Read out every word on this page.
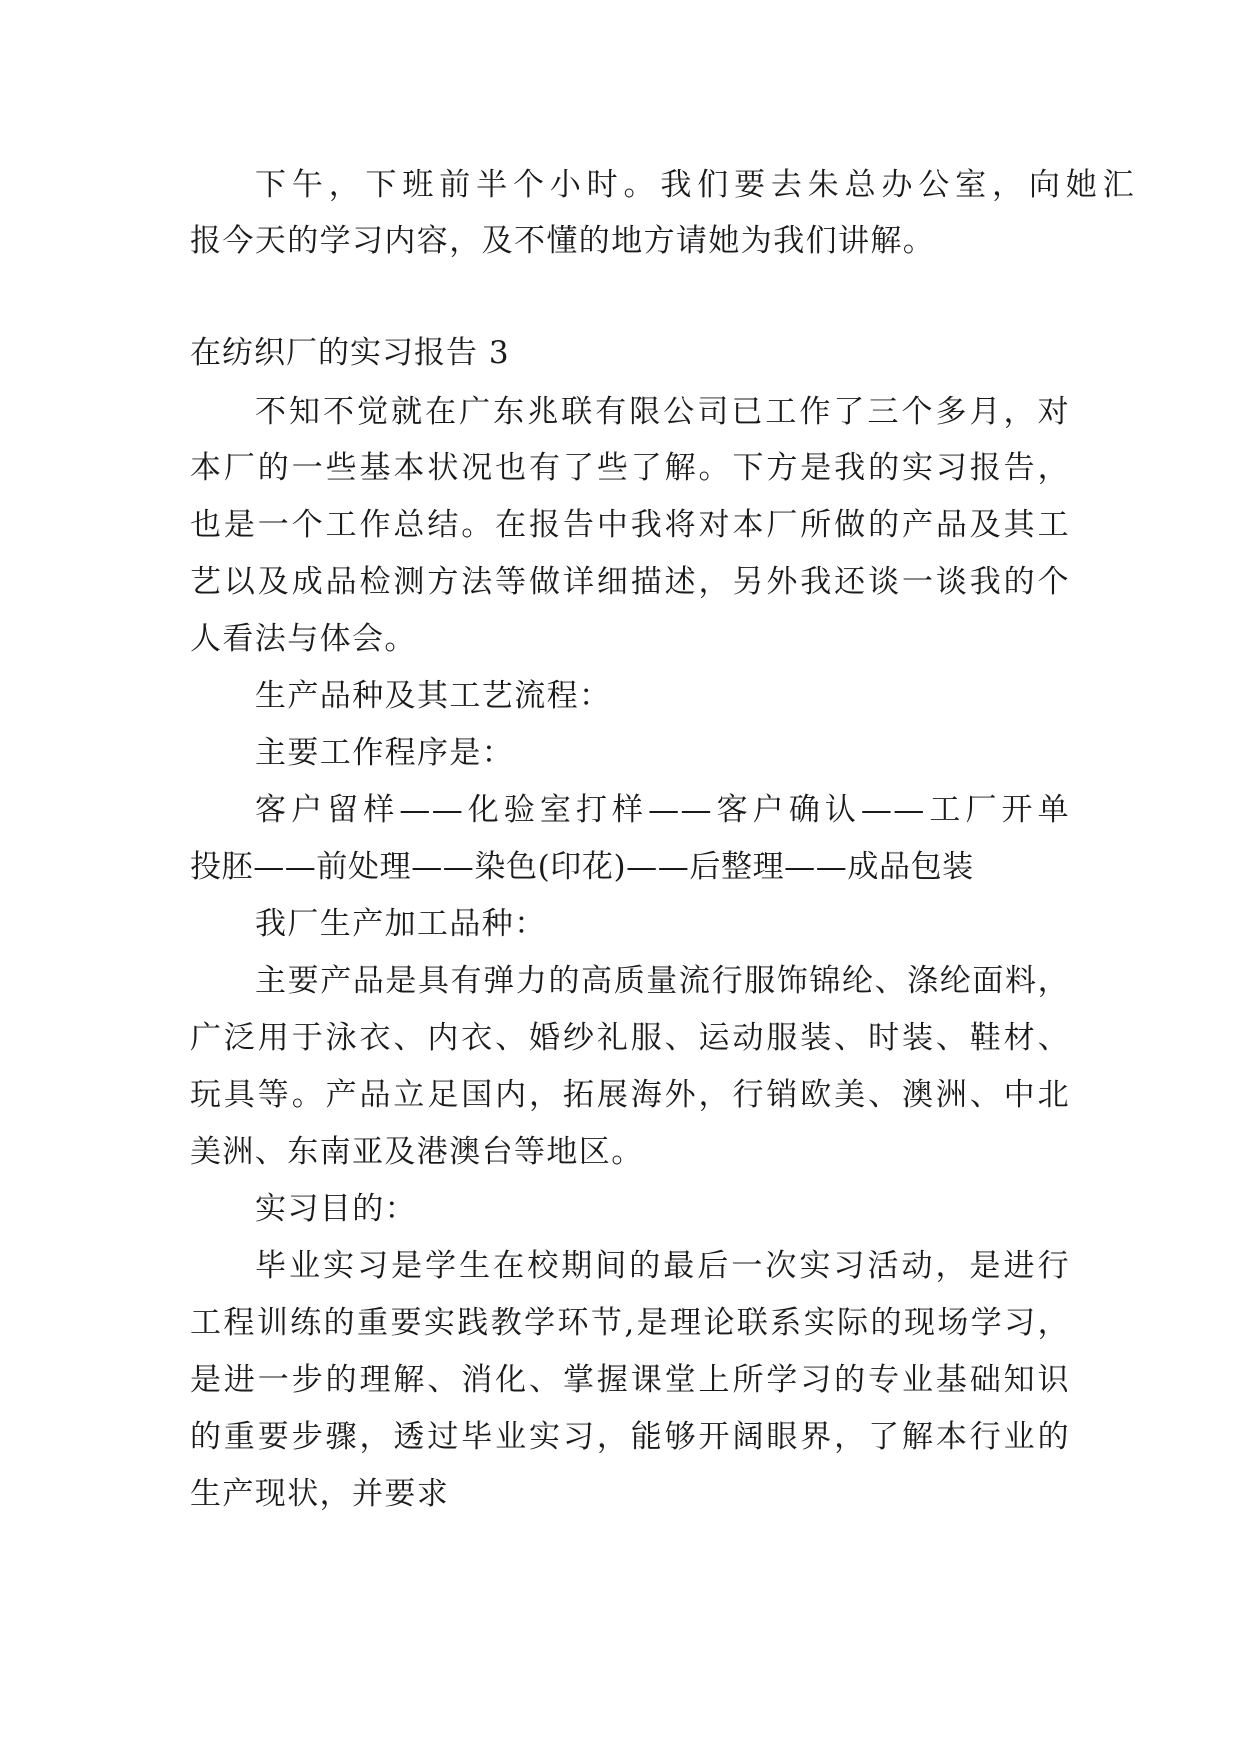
下午，下班前半个小时。我们要去朱总办公室，向她汇
报今天的学习内容，及不懂的地方请她为我们讲解。
在纺织厂的实习报告 3
不知不觉就在广东兆联有限公司已工作了三个多月，对
本厂的一些基本状况也有了些了解。下方是我的实习报告，
也是一个工作总结。在报告中我将对本厂所做的产品及其工
艺以及成品检测方法等做详细描述，另外我还谈一谈我的个
人看法与体会。
生产品种及其工艺流程：
主要工作程序是：
客户留样——化验室打样——客户确认——工厂开单
投胚——前处理——染色(印花)——后整理——成品包装
我厂生产加工品种：
主要产品是具有弹力的高质量流行服饰锦纶、涤纶面料，
广泛用于泳衣、内衣、婚纱礼服、运动服装、时装、鞋材、
玩具等。产品立足国内，拓展海外，行销欧美、澳洲、中北
美洲、东南亚及港澳台等地区。
实习目的：
毕业实习是学生在校期间的最后一次实习活动，是进行
工程训练的重要实践教学环节,是理论联系实际的现场学习，
是进一步的理解、消化、掌握课堂上所学习的专业基础知识
的重要步骤，透过毕业实习，能够开阔眼界，了解本行业的
生产现状，并要求
